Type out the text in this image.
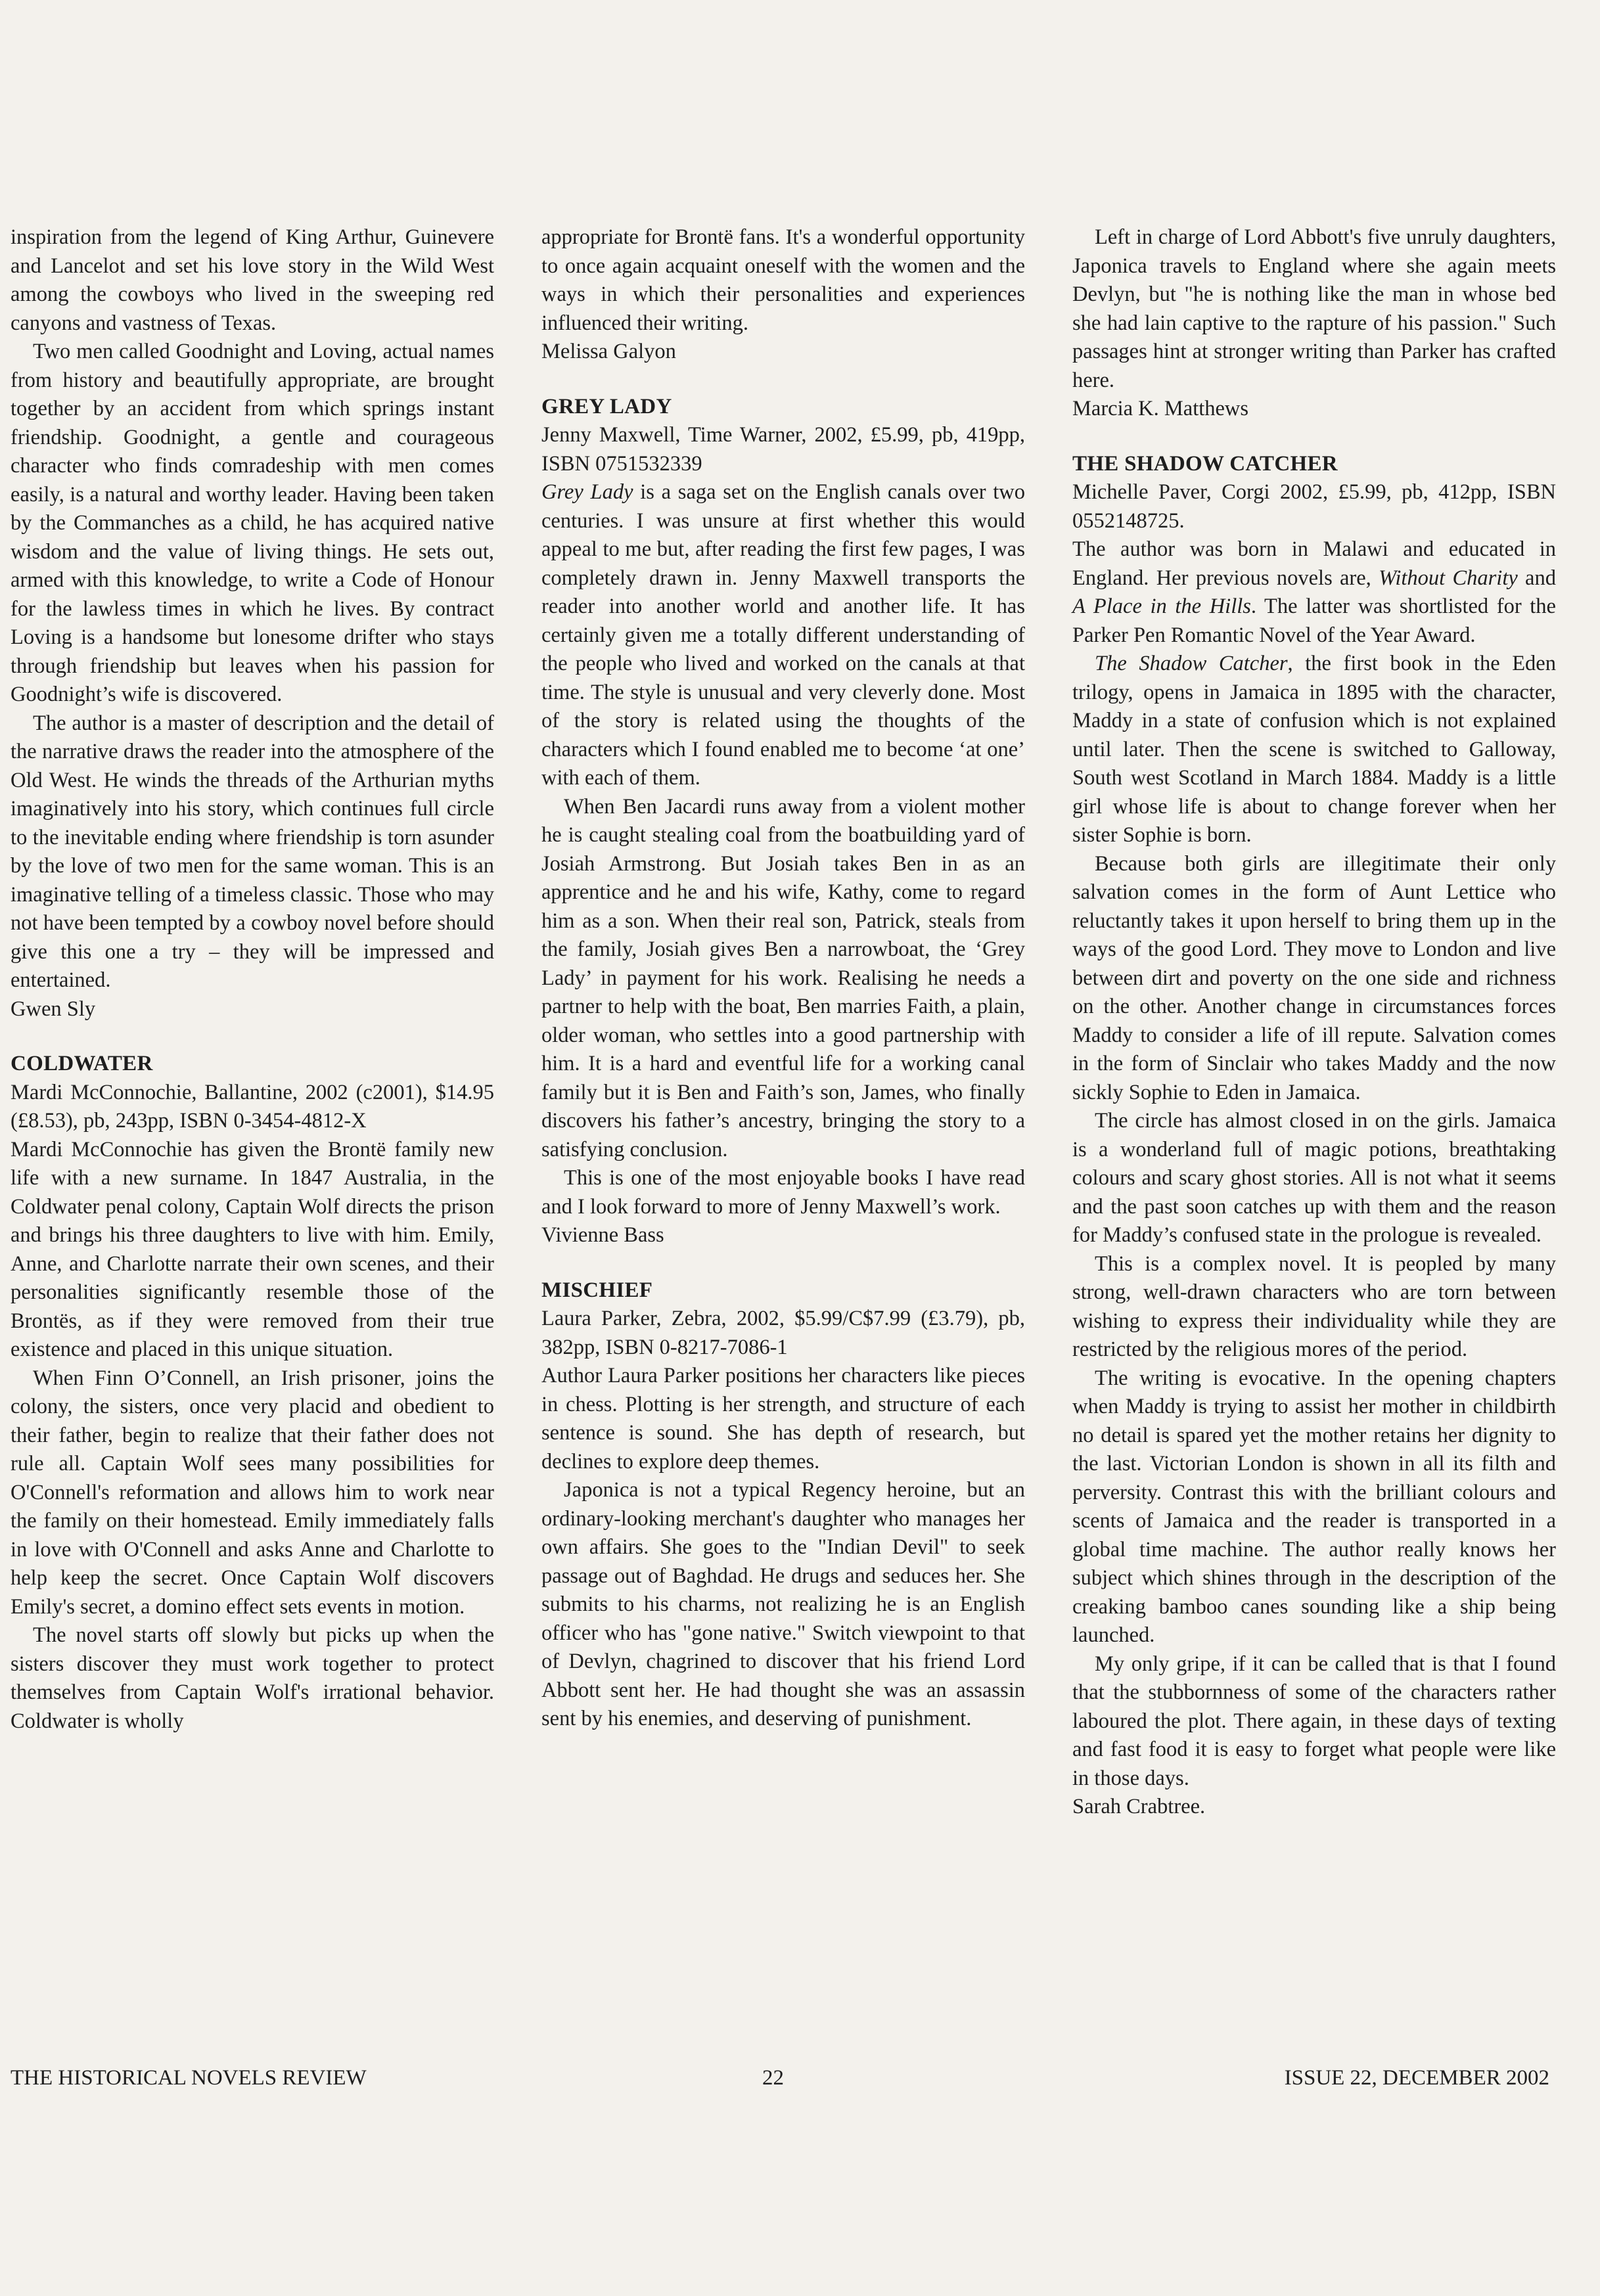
inspiration from the legend of King Arthur, Guinevere and Lancelot and set his love story in the Wild West among the cowboys who lived in the sweeping red canyons and vastness of Texas.

Two men called Goodnight and Loving, actual names from history and beautifully appropriate, are brought together by an accident from which springs instant friendship. Goodnight, a gentle and courageous character who finds comradeship with men comes easily, is a natural and worthy leader. Having been taken by the Commanches as a child, he has acquired native wisdom and the value of living things. He sets out, armed with this knowledge, to write a Code of Honour for the lawless times in which he lives. By contract Loving is a handsome but lonesome drifter who stays through friendship but leaves when his passion for Goodnight’s wife is discovered.

The author is a master of description and the detail of the narrative draws the reader into the atmosphere of the Old West. He winds the threads of the Arthurian myths imaginatively into his story, which continues full circle to the inevitable ending where friendship is torn asunder by the love of two men for the same woman. This is an imaginative telling of a timeless classic. Those who may not have been tempted by a cowboy novel before should give this one a try – they will be impressed and entertained.

Gwen Sly

COLDWATER

Mardi McConnochie, Ballantine, 2002 (c2001), $14.95 (£8.53), pb, 243pp, ISBN 0-3454-4812-X

Mardi McConnochie has given the Brontë family new life with a new surname. In 1847 Australia, in the Coldwater penal colony, Captain Wolf directs the prison and brings his three daughters to live with him. Emily, Anne, and Charlotte narrate their own scenes, and their personalities significantly resemble those of the Brontës, as if they were removed from their true existence and placed in this unique situation.

When Finn O’Connell, an Irish prisoner, joins the colony, the sisters, once very placid and obedient to their father, begin to realize that their father does not rule all. Captain Wolf sees many possibilities for O'Connell's reformation and allows him to work near the family on their homestead. Emily immediately falls in love with O'Connell and asks Anne and Charlotte to help keep the secret. Once Captain Wolf discovers Emily's secret, a domino effect sets events in motion.

The novel starts off slowly but picks up when the sisters discover they must work together to protect themselves from Captain Wolf's irrational behavior. Coldwater is wholly

appropriate for Brontë fans. It's a wonderful opportunity to once again acquaint oneself with the women and the ways in which their personalities and experiences influenced their writing.

Melissa Galyon

GREY LADY

Jenny Maxwell, Time Warner, 2002, £5.99, pb, 419pp, ISBN 0751532339

Grey Lady is a saga set on the English canals over two centuries. I was unsure at first whether this would appeal to me but, after reading the first few pages, I was completely drawn in. Jenny Maxwell transports the reader into another world and another life. It has certainly given me a totally different understanding of the people who lived and worked on the canals at that time. The style is unusual and very cleverly done. Most of the story is related using the thoughts of the characters which I found enabled me to become ‘at one’ with each of them.

When Ben Jacardi runs away from a violent mother he is caught stealing coal from the boatbuilding yard of Josiah Armstrong. But Josiah takes Ben in as an apprentice and he and his wife, Kathy, come to regard him as a son. When their real son, Patrick, steals from the family, Josiah gives Ben a narrowboat, the ‘Grey Lady’ in payment for his work. Realising he needs a partner to help with the boat, Ben marries Faith, a plain, older woman, who settles into a good partnership with him. It is a hard and eventful life for a working canal family but it is Ben and Faith’s son, James, who finally discovers his father’s ancestry, bringing the story to a satisfying conclusion.

This is one of the most enjoyable books I have read and I look forward to more of Jenny Maxwell’s work.

Vivienne Bass

MISCHIEF

Laura Parker, Zebra, 2002, $5.99/C$7.99 (£3.79), pb, 382pp, ISBN 0-8217-7086-1

Author Laura Parker positions her characters like pieces in chess. Plotting is her strength, and structure of each sentence is sound. She has depth of research, but declines to explore deep themes.

Japonica is not a typical Regency heroine, but an ordinary-looking merchant's daughter who manages her own affairs. She goes to the "Indian Devil" to seek passage out of Baghdad. He drugs and seduces her. She submits to his charms, not realizing he is an English officer who has "gone native." Switch viewpoint to that of Devlyn, chagrined to discover that his friend Lord Abbott sent her. He had thought she was an assassin sent by his enemies, and deserving of punishment.

Left in charge of Lord Abbott's five unruly daughters, Japonica travels to England where she again meets Devlyn, but "he is nothing like the man in whose bed she had lain captive to the rapture of his passion." Such passages hint at stronger writing than Parker has crafted here.

Marcia K. Matthews

THE SHADOW CATCHER

Michelle Paver, Corgi 2002, £5.99, pb, 412pp, ISBN 0552148725.

The author was born in Malawi and educated in England. Her previous novels are, Without Charity and A Place in the Hills. The latter was shortlisted for the Parker Pen Romantic Novel of the Year Award.

The Shadow Catcher, the first book in the Eden trilogy, opens in Jamaica in 1895 with the character, Maddy in a state of confusion which is not explained until later. Then the scene is switched to Galloway, South west Scotland in March 1884. Maddy is a little girl whose life is about to change forever when her sister Sophie is born.

Because both girls are illegitimate their only salvation comes in the form of Aunt Lettice who reluctantly takes it upon herself to bring them up in the ways of the good Lord. They move to London and live between dirt and poverty on the one side and richness on the other. Another change in circumstances forces Maddy to consider a life of ill repute. Salvation comes in the form of Sinclair who takes Maddy and the now sickly Sophie to Eden in Jamaica.

The circle has almost closed in on the girls. Jamaica is a wonderland full of magic potions, breathtaking colours and scary ghost stories. All is not what it seems and the past soon catches up with them and the reason for Maddy’s confused state in the prologue is revealed.

This is a complex novel. It is peopled by many strong, well-drawn characters who are torn between wishing to express their individuality while they are restricted by the religious mores of the period.

The writing is evocative. In the opening chapters when Maddy is trying to assist her mother in childbirth no detail is spared yet the mother retains her dignity to the last. Victorian London is shown in all its filth and perversity. Contrast this with the brilliant colours and scents of Jamaica and the reader is transported in a global time machine. The author really knows her subject which shines through in the description of the creaking bamboo canes sounding like a ship being launched.

My only gripe, if it can be called that is that I found that the stubbornness of some of the characters rather laboured the plot. There again, in these days of texting and fast food it is easy to forget what people were like in those days.

Sarah Crabtree.

THE HISTORICAL NOVELS REVIEW	22	ISSUE 22, DECEMBER 2002
